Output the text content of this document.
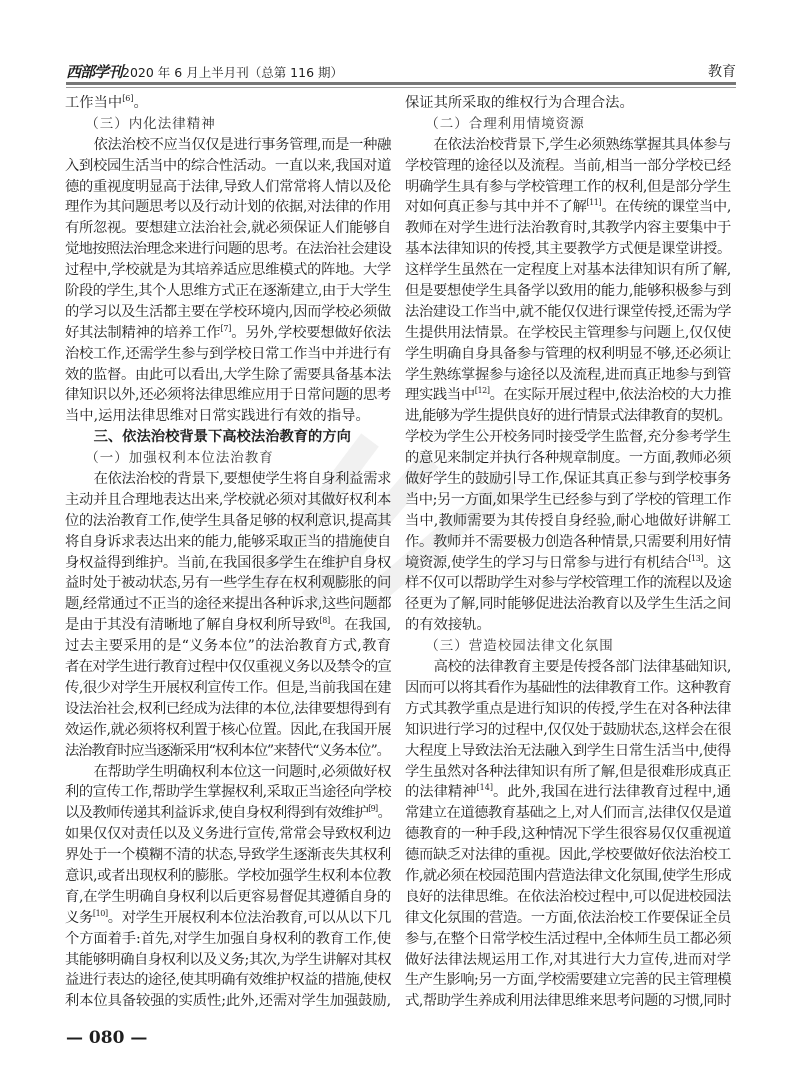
西部学刊2020 年 6 月上半月刊（总第 116 期）	教育
工作当中[6]。
（三）内化法律精神
依法治校不应当仅仅是进行事务管理,而是一种融
入到校园生活当中的综合性活动。一直以来,我国对道
德的重视度明显高于法律,导致人们常常将人情以及伦
理作为其问题思考以及行动计划的依据,对法律的作用
有所忽视。要想建立法治社会,就必须保证人们能够自
觉地按照法治理念来进行问题的思考。在法治社会建设
过程中,学校就是为其培养适应思维模式的阵地。大学
阶段的学生,其个人思维方式正在逐渐建立,由于大学生
的学习以及生活都主要在学校环境内,因而学校必须做
好其法制精神的培养工作[7]。另外,学校要想做好依法
治校工作,还需学生参与到学校日常工作当中并进行有
效的监督。由此可以看出,大学生除了需要具备基本法
律知识以外,还必须将法律思维应用于日常问题的思考
当中,运用法律思维对日常实践进行有效的指导。
三、依法治校背景下高校法治教育的方向
（一）加强权利本位法治教育
在依法治校的背景下,要想使学生将自身利益需求
主动并且合理地表达出来,学校就必须对其做好权利本
位的法治教育工作,使学生具备足够的权利意识,提高其
将自身诉求表达出来的能力,能够采取正当的措施使自
身权益得到维护。当前,在我国很多学生在维护自身权
益时处于被动状态,另有一些学生存在权利观膨胀的问
题,经常通过不正当的途径来提出各种诉求,这些问题都
是由于其没有清晰地了解自身权利所导致[8]。在我国,
过去主要采用的是“义务本位”的法治教育方式,教育
者在对学生进行教育过程中仅仅重视义务以及禁令的宣
传,很少对学生开展权利宣传工作。但是,当前我国在建
设法治社会,权利已经成为法律的本位,法律要想得到有
效运作,就必须将权利置于核心位置。因此,在我国开展
法治教育时应当逐渐采用“权利本位”来替代“义务本位”。
在帮助学生明确权利本位这一问题时,必须做好权
利的宣传工作,帮助学生掌握权利,采取正当途径向学校
以及教师传递其利益诉求,使自身权利得到有效维护[9]。
如果仅仅对责任以及义务进行宣传,常常会导致权利边
界处于一个模糊不清的状态,导致学生逐渐丧失其权利
意识,或者出现权利的膨胀。学校加强学生权利本位教
育,在学生明确自身权利以后更容易督促其遵循自身的
义务[10]。对学生开展权利本位法治教育,可以从以下几
个方面着手:首先,对学生加强自身权利的教育工作,使
其能够明确自身权利以及义务;其次,为学生讲解对其权
益进行表达的途径,使其明确有效维护权益的措施,使权
利本位具备较强的实质性;此外,还需对学生加强鼓励,
保证其所采取的维权行为合理合法。
（二）合理利用情境资源
在依法治校背景下,学生必须熟练掌握其具体参与
学校管理的途径以及流程。当前,相当一部分学校已经
明确学生具有参与学校管理工作的权利,但是部分学生
对如何真正参与其中并不了解[11]。在传统的课堂当中,
教师在对学生进行法治教育时,其教学内容主要集中于
基本法律知识的传授,其主要教学方式便是课堂讲授。
这样学生虽然在一定程度上对基本法律知识有所了解,
但是要想使学生具备学以致用的能力,能够积极参与到
法治建设工作当中,就不能仅仅进行课堂传授,还需为学
生提供用法情景。在学校民主管理参与问题上,仅仅使
学生明确自身具备参与管理的权利明显不够,还必须让
学生熟练掌握参与途径以及流程,进而真正地参与到管
理实践当中[12]。在实际开展过程中,依法治校的大力推
进,能够为学生提供良好的进行情景式法律教育的契机。
学校为学生公开校务同时接受学生监督,充分参考学生
的意见来制定并执行各种规章制度。一方面,教师必须
做好学生的鼓励引导工作,保证其真正参与到学校事务
当中;另一方面,如果学生已经参与到了学校的管理工作
当中,教师需要为其传授自身经验,耐心地做好讲解工
作。教师并不需要极力创造各种情景,只需要利用好情
境资源,使学生的学习与日常参与进行有机结合[13]。这
样不仅可以帮助学生对参与学校管理工作的流程以及途
径更为了解,同时能够促进法治教育以及学生生活之间
的有效接轨。
（三）营造校园法律文化氛围
高校的法律教育主要是传授各部门法律基础知识,
因而可以将其看作为基础性的法律教育工作。这种教育
方式其教学重点是进行知识的传授,学生在对各种法律
知识进行学习的过程中,仅仅处于鼓励状态,这样会在很
大程度上导致法治无法融入到学生日常生活当中,使得
学生虽然对各种法律知识有所了解,但是很难形成真正
的法律精神[14]。此外,我国在进行法律教育过程中,通
常建立在道德教育基础之上,对人们而言,法律仅仅是道
德教育的一种手段,这种情况下学生很容易仅仅重视道
德而缺乏对法律的重视。因此,学校要做好依法治校工
作,就必须在校园范围内营造法律文化氛围,使学生形成
良好的法律思维。在依法治校过程中,可以促进校园法
律文化氛围的营造。一方面,依法治校工作要保证全员
参与,在整个日常学校生活过程中,全体师生员工都必须
做好法律法规运用工作,对其进行大力宣传,进而对学
生产生影响;另一方面,学校需要建立完善的民主管理模
式,帮助学生养成利用法律思维来思考问题的习惯,同时
— 080 —
